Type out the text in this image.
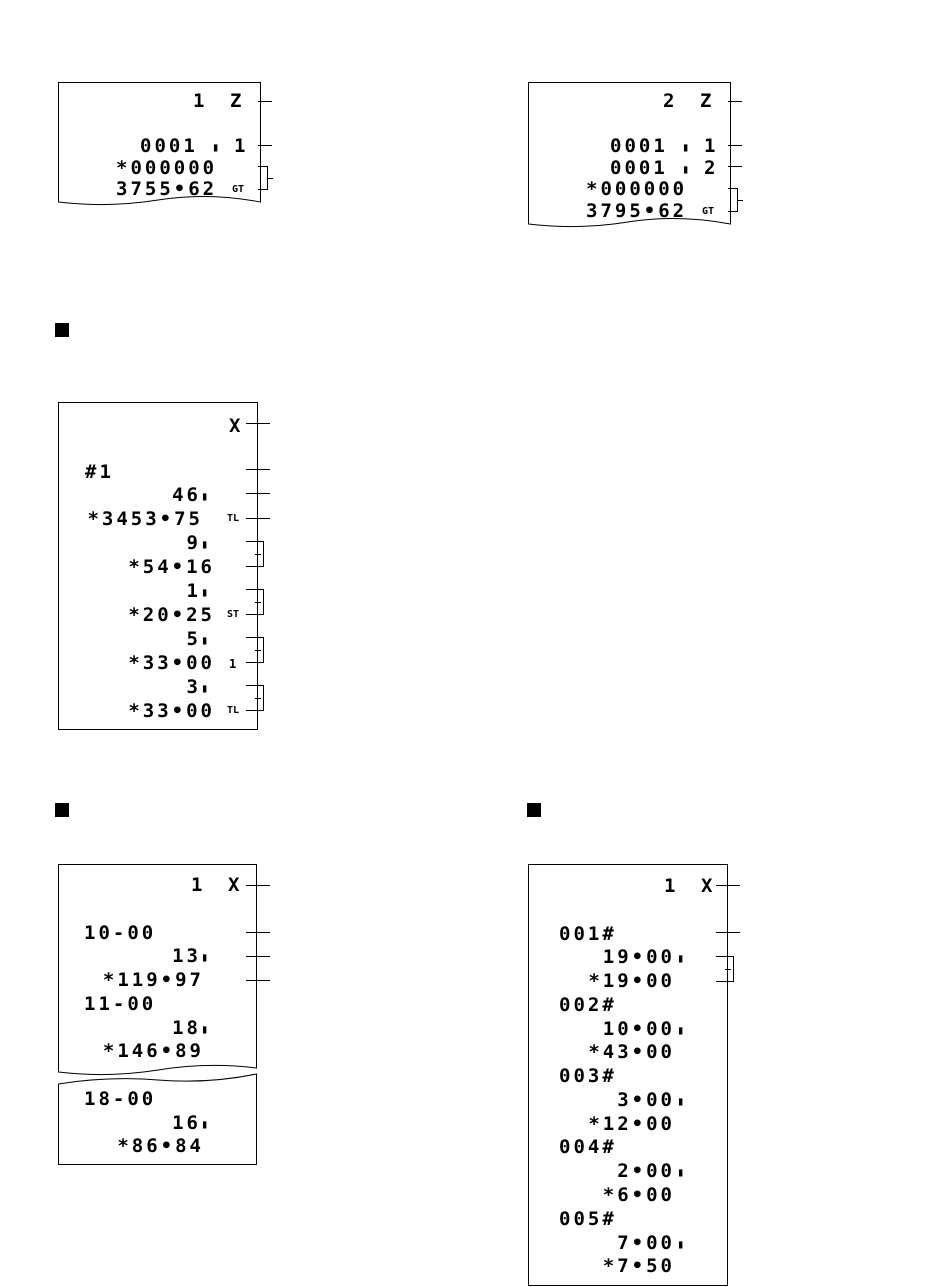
1 Z
0001 ▮ 1
*000000
3755•62 GT
2 Z
0001 ▮ 1
0001 ▮ 2
*000000
3795•62 GT
X
#1
46 ▮
*3453•75 TL
9 ▮
*54•16
1 ▮
*20•25 ST
5 ▮
*33•00 1
3 ▮
*33•00 TL
1 X
10-00
13 ▮
*119•97
11-00
18 ▮
*146•89
18-00
16 ▮
*86•84
1 X
001#
19•00 ▮
*19•00
002#
10•00 ▮
*43•00
003#
3•00 ▮
*12•00
004#
2•00 ▮
*6•00
005#
7•00 ▮
*7•50
